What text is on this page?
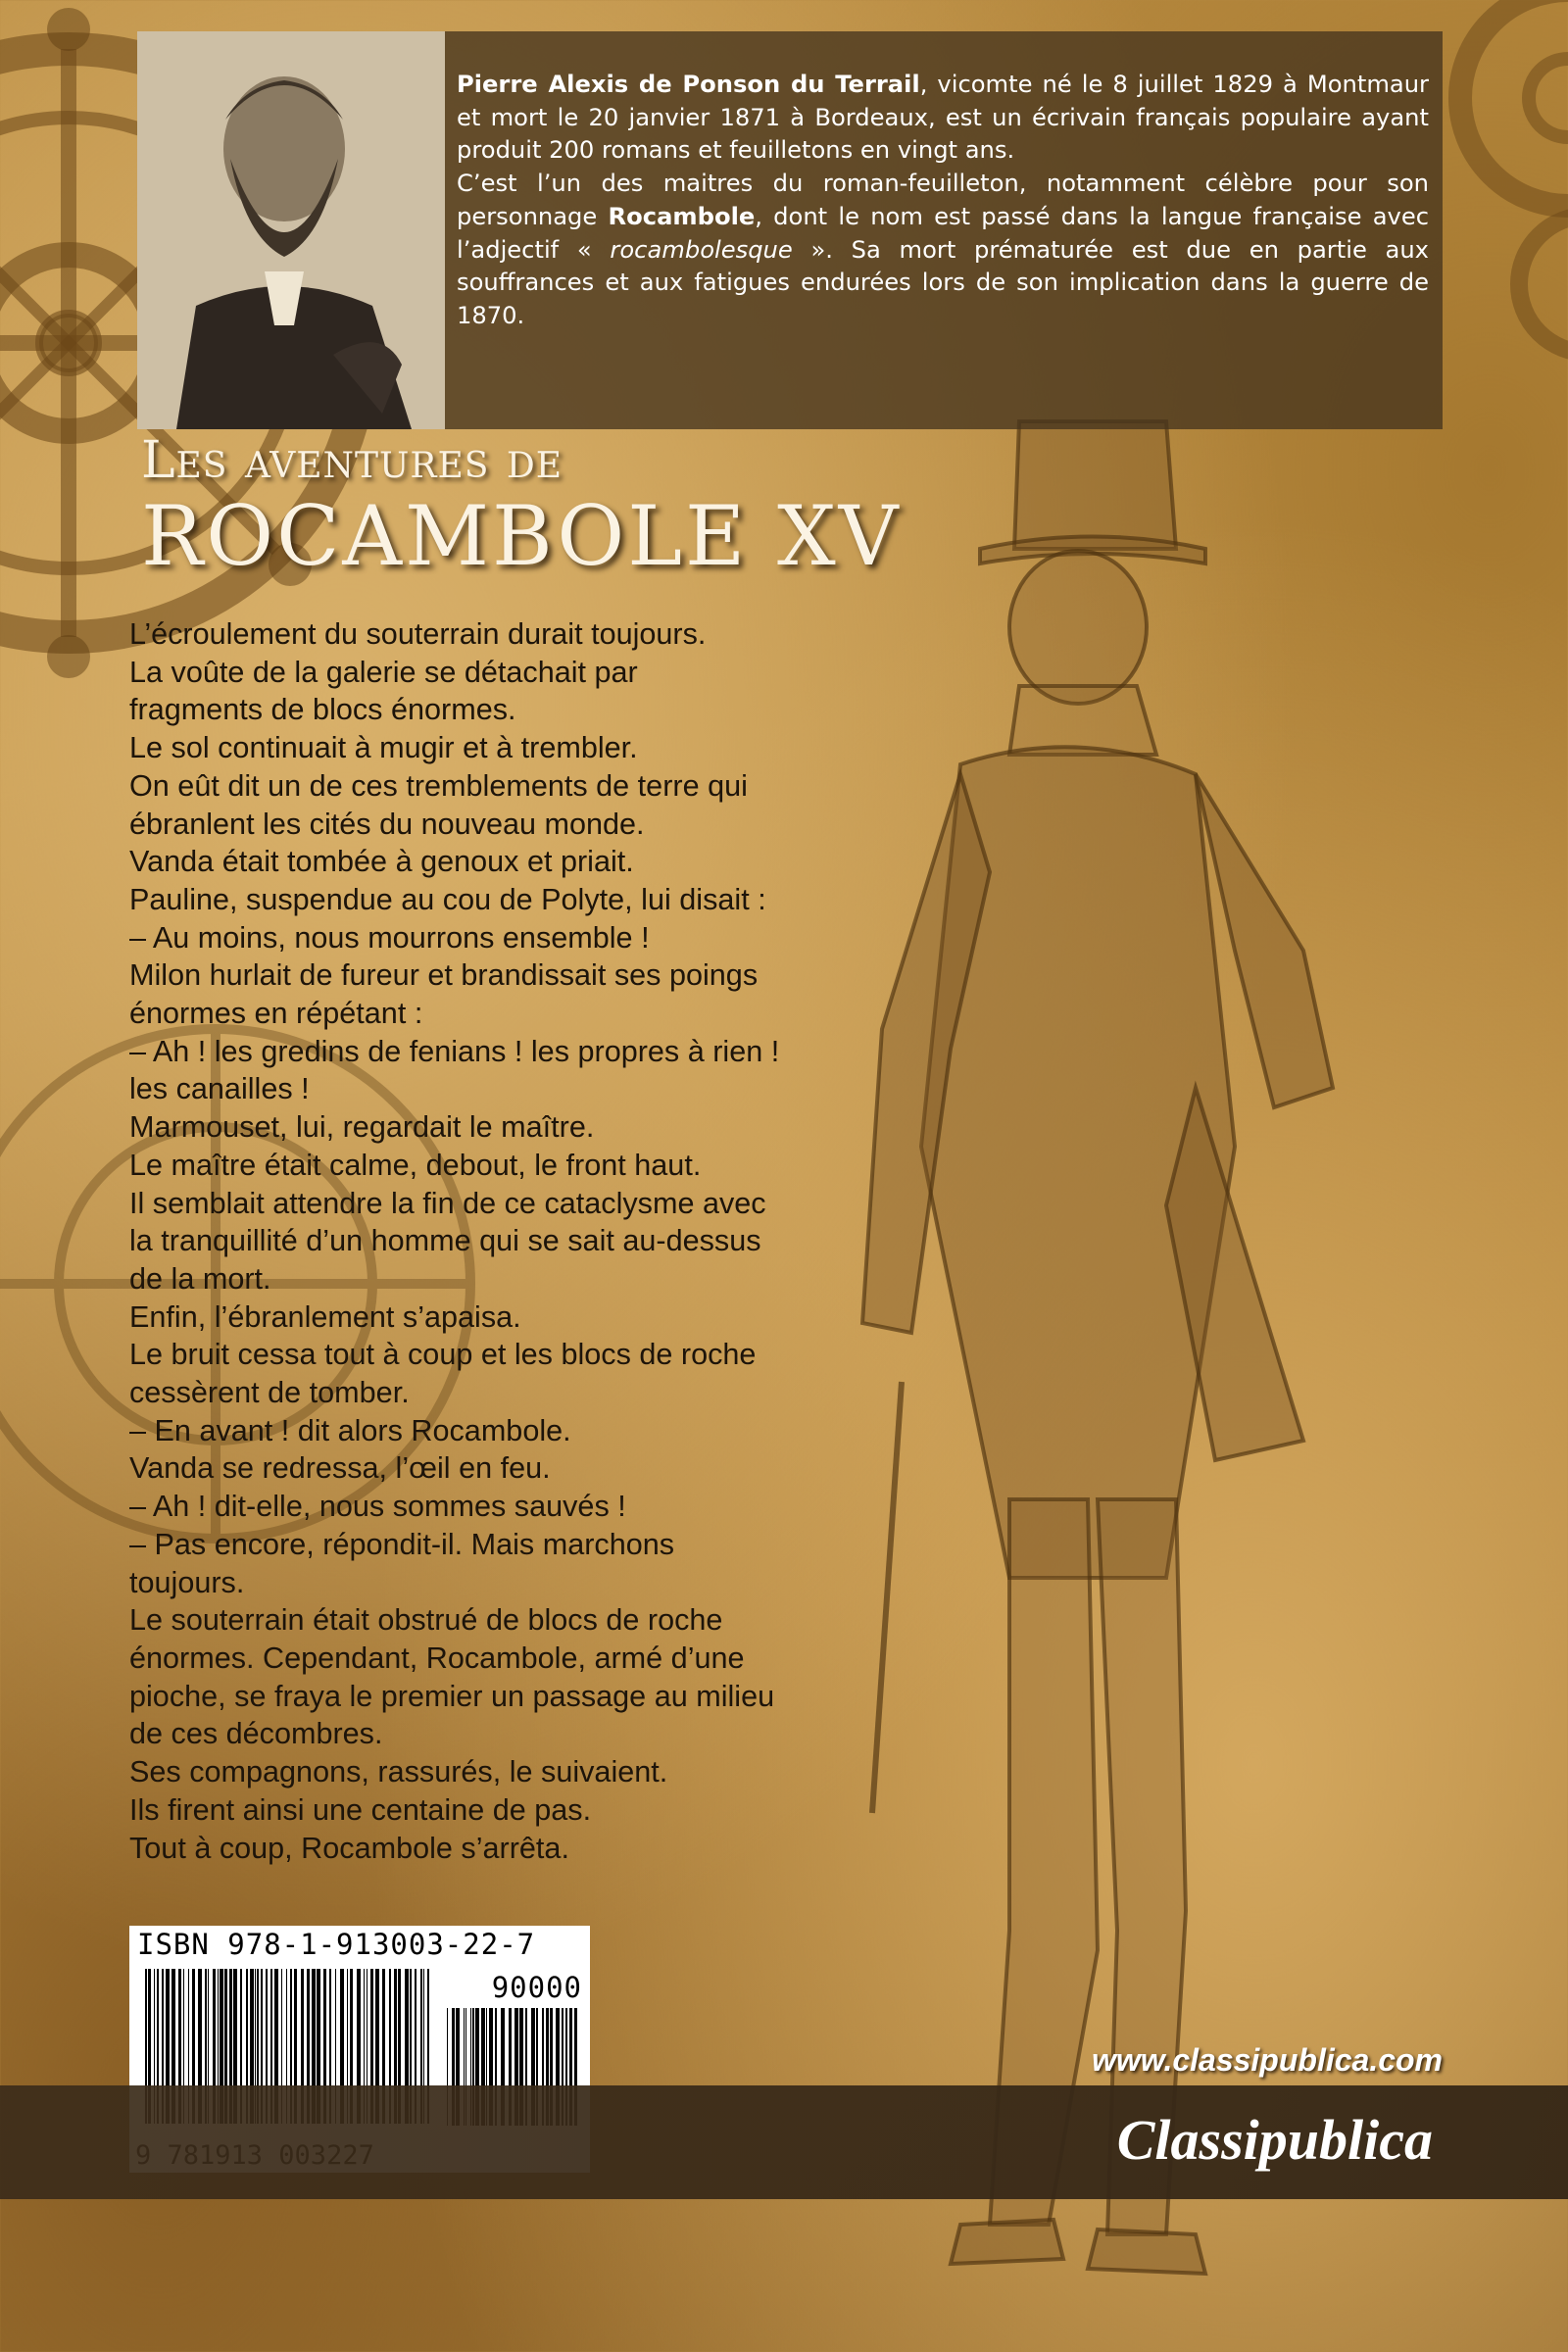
Pierre Alexis de Ponson du Terrail, vicomte né le 8 juillet 1829 à Montmaur et mort le 20 janvier 1871 à Bordeaux, est un écrivain français populaire ayant produit 200 romans et feuilletons en vingt ans.
C’est l’un des maitres du roman-feuilleton, notamment célèbre pour son personnage Rocambole, dont le nom est passé dans la langue française avec l’adjectif « rocambolesque ». Sa mort prématurée est due en partie aux souffrances et aux fatigues endurées lors de son implication dans la guerre de 1870.
Les aventures de
ROCAMBOLE XV

L’écroulement du souterrain durait toujours.

La voûte de la galerie se détachait par

fragments de blocs énormes.

Le sol continuait à mugir et à trembler.

On eût dit un de ces tremblements de terre qui

ébranlent les cités du nouveau monde.

Vanda était tombée à genoux et priait.

Pauline, suspendue au cou de Polyte, lui disait :

– Au moins, nous mourrons ensemble !

Milon hurlait de fureur et brandissait ses poings

énormes en répétant :

– Ah ! les gredins de fenians ! les propres à rien !

les canailles !

Marmouset, lui, regardait le maître.

Le maître était calme, debout, le front haut.

Il semblait attendre la fin de ce cataclysme avec

la tranquillité d’un homme qui se sait au-dessus

de la mort.

Enfin, l’ébranlement s’apaisa.

Le bruit cessa tout à coup et les blocs de roche

cessèrent de tomber.

– En avant ! dit alors Rocambole.

Vanda se redressa, l’œil en feu.

– Ah ! dit-elle, nous sommes sauvés !

– Pas encore, répondit-il. Mais marchons

toujours.

Le souterrain était obstrué de blocs de roche

énormes. Cependant, Rocambole, armé d’une

pioche, se fraya le premier un passage au milieu

de ces décombres.

Ses compagnons, rassurés, le suivaient.

Ils firent ainsi une centaine de pas.

Tout à coup, Rocambole s’arrêta.

ISBN 978-1-913003-22-7
90000
www.classipublica.com
Classipublica
